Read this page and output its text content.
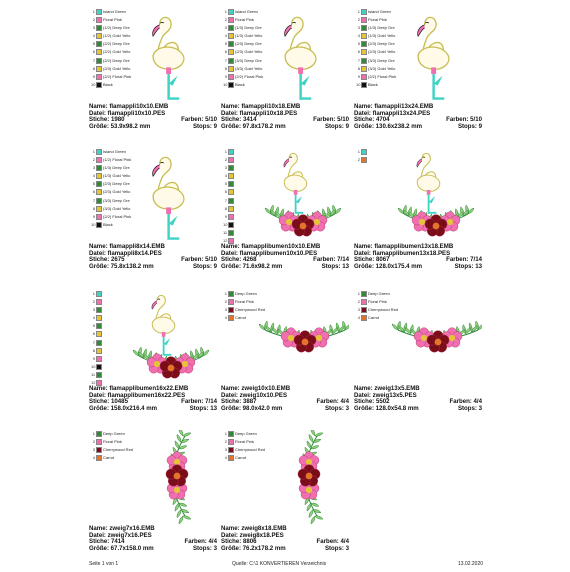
1 Island Green
2 Floral Pink
3 (1/2) Deep Gre
4 (1/2) Gold Yello
5 (2/2) Deep Gre
6 (2/2) Gold Yello
7 (2/2) Deep Gre
8 (2/3) Gold Yello
9 (2/2) Floral Pink
10 Black
Name: flamappli10x10.EMB
Datei: flamappli10x10.PES
Stiche: 1980	Farben: 5/10
Größe: 53.9x98.2 mm	Stops: 9
1 Island Green
2 Floral Pink
3 (1/3) Deep Gre
4 (1/3) Gold Yello
5 (2/3) Deep Gre
6 (2/3) Gold Yello
7 (3/3) Deep Gre
8 (3/3) Gold Yello
9 (2/2) Floral Pink
10 Black
Name: flamappli10x18.EMB
Datei: flamappli10x18.PES
Stiche: 3414	Farben: 5/10
Größe: 97.8x178.2 mm	Stops: 9
1 Island Green
2 Floral Pink
3 (1/3) Deep Gre
4 (1/3) Gold Yello
5 (2/3) Deep Gre
6 (2/3) Gold Yello
7 (3/3) Deep Gre
8 (3/3) Gold Yello
9 (2/2) Floral Pink
10 Black
Name: flamappli13x24.EMB
Datei: flamappli13x24.PES
Stiche: 4704	Farben: 5/10
Größe: 130.6x238.2 mm	Stops: 9
1 Island Green
2 (1/2) Floral Pink
3 (1/3) Deep Gre
4 (1/3) Gold Yello
5 (2/3) Deep Gre
6 (2/3) Gold Yello
7 (3/3) Deep Gre
8 (3/3) Gold Yello
9 (2/2) Floral Pink
10 Black
Name: flamappli8x14.EMB
Datei: flamappli8x14.PES
Stiche: 2675	Farben: 5/10
Größe: 75.8x138.2 mm	Stops: 9
1
2
3
4
5
6
7
8
9
10
11
12
Name: flamapplibumen10x10.EMB
Datei: flamapplibumen10x10.PES
Stiche: 4268	Farben: 7/14
Größe: 71.6x98.2 mm	Stops: 13
1
2
Name: flamapplibumen13x18.EMB
Datei: flamapplibumen13x18.PES
Stiche: 8067	Farben: 7/14
Größe: 128.0x175.4 mm	Stops: 13
1
2
3
4
5
6
7
8
9
10
11
12
Name: flamapplibumen16x22.EMB
Datei: flamapplibumen16x22.PES
Stiche: 10485	Farben: 7/14
Größe: 158.0x216.4 mm	Stops: 13
1 Deep Green
2 Floral Pink
3 Cherrywood Red
4 Carrot
Name: zweig10x10.EMB
Datei: zweig10x10.PES
Stiche: 3887	Farben: 4/4
Größe: 98.0x42.0 mm	Stops: 3
1 Deep Green
2 Floral Pink
3 Cherrywood Red
4 Carrot
Name: zweig13x5.EMB
Datei: zweig13x5.PES
Stiche: 5502	Farben: 4/4
Größe: 128.0x54.8 mm	Stops: 3
1 Deep Green
2 Floral Pink
3 Cherrywood Red
4 Carrot
Name: zweig7x16.EMB
Datei: zweig7x16.PES
Stiche: 7414	Farben: 4/4
Größe: 67.7x158.0 mm	Stops: 3
1 Deep Green
2 Floral Pink
3 Cherrywood Red
4 Carrot
Name: zweig8x18.EMB
Datei: zweig8x18.PES
Stiche: 8806	Farben: 4/4
Größe: 76.2x178.2 mm	Stops: 3
Seite 1 von 1	Quelle: C:\1 KONVERTIEREN Verzeichnis	13.02.2020
